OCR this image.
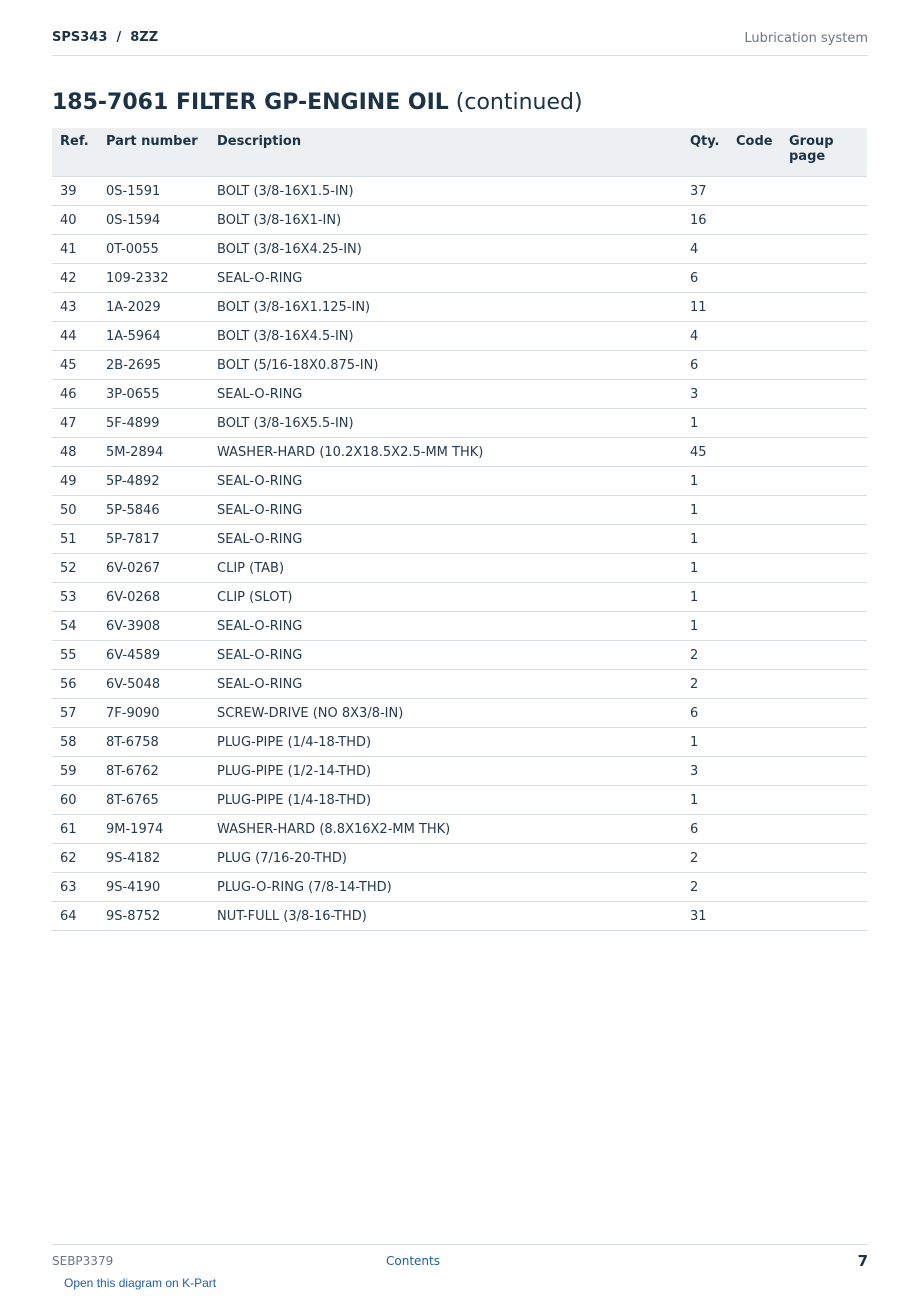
SPS343  /  8ZZ	Lubrication system
185-7061 FILTER GP-ENGINE OIL (continued)
Ref.	Part number	Description	Qty.	Code	Group page
39	0S-1591	BOLT (3/8-16X1.5-IN)	37		
40	0S-1594	BOLT (3/8-16X1-IN)	16		
41	0T-0055	BOLT (3/8-16X4.25-IN)	4		
42	109-2332	SEAL-O-RING	6		
43	1A-2029	BOLT (3/8-16X1.125-IN)	11		
44	1A-5964	BOLT (3/8-16X4.5-IN)	4		
45	2B-2695	BOLT (5/16-18X0.875-IN)	6		
46	3P-0655	SEAL-O-RING	3		
47	5F-4899	BOLT (3/8-16X5.5-IN)	1		
48	5M-2894	WASHER-HARD (10.2X18.5X2.5-MM THK)	45		
49	5P-4892	SEAL-O-RING	1		
50	5P-5846	SEAL-O-RING	1		
51	5P-7817	SEAL-O-RING	1		
52	6V-0267	CLIP (TAB)	1		
53	6V-0268	CLIP (SLOT)	1		
54	6V-3908	SEAL-O-RING	1		
55	6V-4589	SEAL-O-RING	2		
56	6V-5048	SEAL-O-RING	2		
57	7F-9090	SCREW-DRIVE (NO 8X3/8-IN)	6		
58	8T-6758	PLUG-PIPE (1/4-18-THD)	1		
59	8T-6762	PLUG-PIPE (1/2-14-THD)	3		
60	8T-6765	PLUG-PIPE (1/4-18-THD)	1		
61	9M-1974	WASHER-HARD (8.8X16X2-MM THK)	6		
62	9S-4182	PLUG (7/16-20-THD)	2		
63	9S-4190	PLUG-O-RING (7/8-14-THD)	2		
64	9S-8752	NUT-FULL (3/8-16-THD)	31		
SEBP3379	Contents	7
Open this diagram on K-Part
